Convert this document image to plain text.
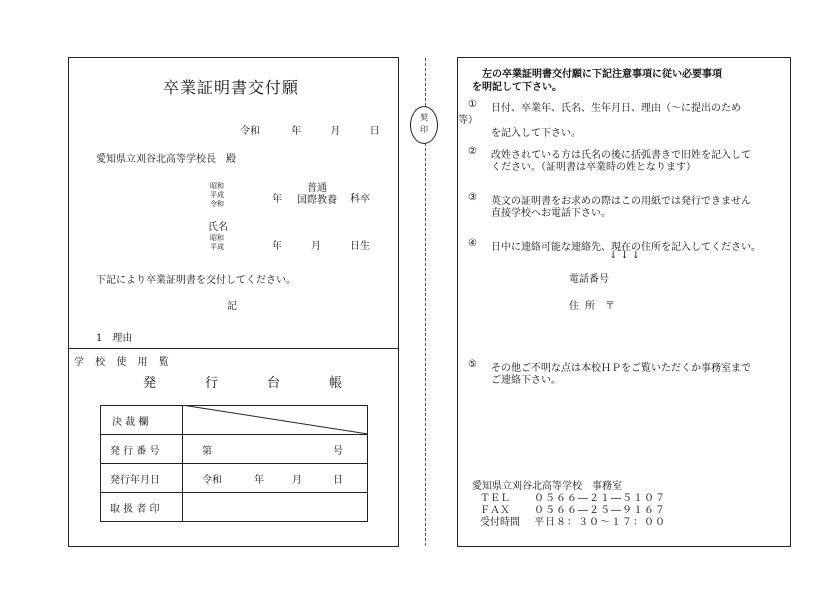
卒業証明書交付願
令和	年	月	日
愛知県立刈谷北高等学校長　殿
昭和
平成
令和	年
普通
国際教養 科卒
氏名
昭和
平成	年	月	日生
下記により卒業証明書を交付してください。
記
1　理由
学 校 使 用 覧
発　行　台　帳
決 裁 欄
発 行 番 号	第	号
発行年月日	令和	年	月	日
取 扱 者 印
契
印
左の卒業証明書交付願に下記注意事項に従い必要事項
を明記して下さい。
① 日付、卒業年、氏名、生年月日、理由（〜に提出のため
等）
を記入して下さい。
② 改姓されている方は氏名の後に括弧書きで旧姓を記入して
ください。（証明書は卒業時の姓となります）
③ 英文の証明書をお求めの際はこの用紙では発行できません
直接学校へお電話下さい。
④ 日中に連絡可能な連絡先、現在の住所を記入してください。
↓↓↓
電話番号
住所 〒
⑤ その他ご不明な点は本校ＨＰをご覧いただくか事務室まで
ご連絡下さい。
愛知県立刈谷北高等学校　事務室
ＴＥＬ ０５６６―２１―５１０７
ＦＡＸ ０５６６―２５―９１６７
受付時間 平日８：３０〜１７：００
